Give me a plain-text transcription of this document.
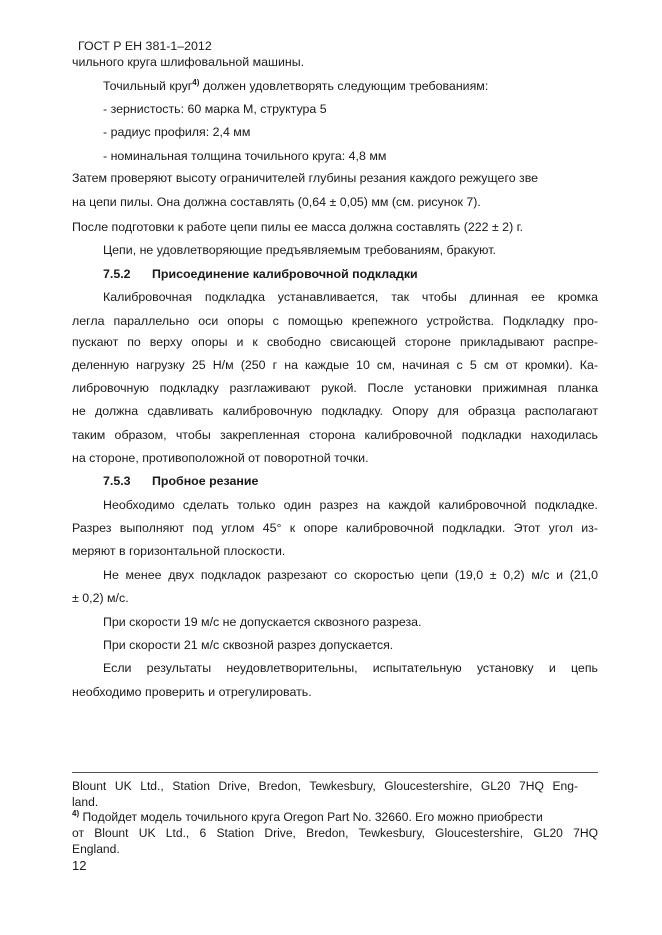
ГОСТ Р ЕН 381-1–2012
чильного круга шлифовальной машины.
Точильный круг$^{4)}$ должен удовлетворять следующим требованиям:
- зернистость: 60 марка M, структура 5
- радиус профиля: 2,4 мм
- номинальная толщина точильного круга: 4,8 мм
Затем проверяют высоту ограничителей глубины резания каждого режущего зве
на цепи пилы. Она должна составлять (0,64 ± 0,05) мм (см. рисунок 7).
После подготовки к работе цепи пилы ее масса должна составлять (222 ± 2) г.
Цепи, не удовлетворяющие предъявляемым требованиям, бракуют.
7.5.2 Присоединение калибровочной подкладки
Калибровочная подкладка устанавливается, так чтобы длинная ее кромка
легла параллельно оси опоры с помощью крепежного устройства. Подкладку про-
пускают по верху опоры и к свободно свисающей стороне прикладывают распре-
деленную нагрузку 25 Н/м (250 г на каждые 10 см, начиная с 5 см от кромки). Ка-
либровочную подкладку разглаживают рукой. После установки прижимная планка
не должна сдавливать калибровочную подкладку. Опору для образца располагают
таким образом, чтобы закрепленная сторона калибровочной подкладки находилась
на стороне, противоположной от поворотной точки.
7.5.3 Пробное резание
Необходимо сделать только один разрез на каждой калибровочной подкладке.
Разрез выполняют под углом 45° к опоре калибровочной подкладки. Этот угол из-
меряют в горизонтальной плоскости.
Не менее двух подкладок разрезают со скоростью цепи (19,0 ± 0,2) м/с и (21,0
± 0,2) м/с.
При скорости 19 м/с не допускается сквозного разреза.
При скорости 21 м/с сквозной разрез допускается.
Если результаты неудовлетворительны, испытательную установку и цепь
необходимо проверить и отрегулировать.
Blount UK Ltd., Station Drive, Bredon, Tewkesbury, Gloucestershire, GL20 7HQ Eng-
land.
$^{4)}$ Подойдет модель точильного круга Oregon Part No. 32660. Его можно приобрести
от Blount UK Ltd., 6 Station Drive, Bredon, Tewkesbury, Gloucestershire, GL20 7HQ
England.
12
